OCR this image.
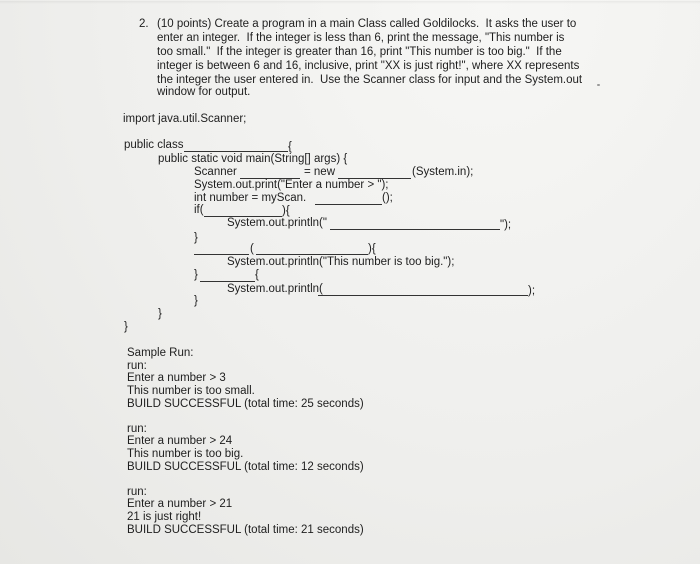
2. (10 points) Create a program in a main Class called Goldilocks.  It asks the user to
enter an integer.  If the integer is less than 6, print the message, "This number is
too small."  If the integer is greater than 16, print "This number is too big."  If the
integer is between 6 and 16, inclusive, print "XX is just right!", where XX represents
the integer the user entered in.  Use the Scanner class for input and the System.out
window for output.
import java.util.Scanner;
public class	{
public static void main(String[] args) {
Scanner	= new	(System.in);
System.out.print("Enter a number > ");
int number = myScan.	();
if(	){
System.out.println("	");
}
(	){
System.out.println("This number is too big.");
}	{
System.out.println(	);
}
}
}
Sample Run:
run:
Enter a number > 3
This number is too small.
BUILD SUCCESSFUL (total time: 25 seconds)
run:
Enter a number > 24
This number is too big.
BUILD SUCCESSFUL (total time: 12 seconds)
run:
Enter a number > 21
21 is just right!
BUILD SUCCESSFUL (total time: 21 seconds)
